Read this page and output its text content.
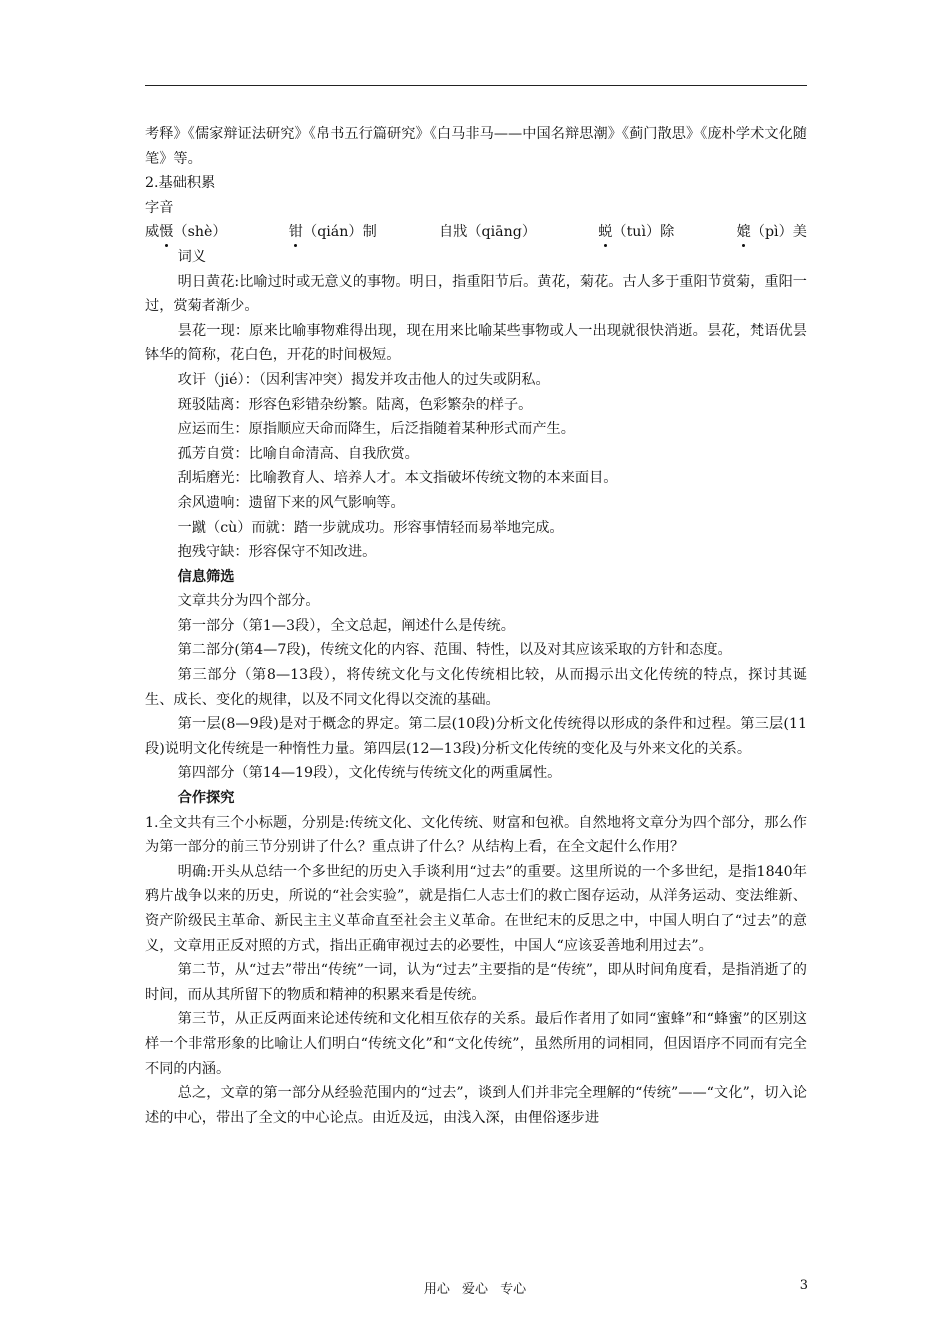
考释》《儒家辩证法研究》《帛书五行篇研究》《白马非马——中国名辩思潮》《蓟门散思》《庞朴学术文化随笔》等。

2.基础积累

字音

威慑（shè）	钳（qián）制	自戕（qiāng）	蜕（tuì）除	媲（pì）美

词义

明日黄花:比喻过时或无意义的事物。明日，指重阳节后。黄花，菊花。古人多于重阳节赏菊，重阳一过，赏菊者渐少。

昙花一现：原来比喻事物难得出现，现在用来比喻某些事物或人一出现就很快消逝。昙花，梵语优昙钵华的简称，花白色，开花的时间极短。

攻讦（jié）：（因利害冲突）揭发并攻击他人的过失或阴私。

斑驳陆离：形容色彩错杂纷繁。陆离，色彩繁杂的样子。

应运而生：原指顺应天命而降生，后泛指随着某种形式而产生。

孤芳自赏：比喻自命清高、自我欣赏。

刮垢磨光：比喻教育人、培养人才。本文指破坏传统文物的本来面目。

余风遗响：遗留下来的风气影响等。

一蹴（cù）而就：踏一步就成功。形容事情轻而易举地完成。

抱残守缺：形容保守不知改进。

信息筛选

文章共分为四个部分。

第一部分（第1—3段），全文总起，阐述什么是传统。

第二部分(第4—7段)，传统文化的内容、范围、特性，以及对其应该采取的方针和态度。

第三部分（第8—13段），将传统文化与文化传统相比较，从而揭示出文化传统的特点，探讨其诞生、成长、变化的规律，以及不同文化得以交流的基础。

第一层(8—9段)是对于概念的界定。第二层(10段)分析文化传统得以形成的条件和过程。第三层(11段)说明文化传统是一种惰性力量。第四层(12—13段)分析文化传统的变化及与外来文化的关系。

第四部分（第14—19段），文化传统与传统文化的两重属性。

合作探究

1.全文共有三个小标题，分别是:传统文化、文化传统、财富和包袱。自然地将文章分为四个部分，那么作为第一部分的前三节分别讲了什么？重点讲了什么？从结构上看，在全文起什么作用？

明确:开头从总结一个多世纪的历史入手谈利用“过去”的重要。这里所说的一个多世纪，是指1840年鸦片战争以来的历史，所说的“社会实验”，就是指仁人志士们的救亡图存运动，从洋务运动、变法维新、资产阶级民主革命、新民主主义革命直至社会主义革命。在世纪末的反思之中，中国人明白了“过去”的意义，文章用正反对照的方式，指出正确审视过去的必要性，中国人“应该妥善地利用过去”。

第二节，从“过去”带出“传统”一词，认为“过去”主要指的是“传统”，即从时间角度看，是指消逝了的时间，而从其所留下的物质和精神的积累来看是传统。

第三节，从正反两面来论述传统和文化相互依存的关系。最后作者用了如同“蜜蜂”和“蜂蜜”的区别这样一个非常形象的比喻让人们明白“传统文化”和“文化传统”，虽然所用的词相同，但因语序不同而有完全不同的内涵。

总之，文章的第一部分从经验范围内的“过去”，谈到人们并非完全理解的“传统”——“文化”，切入论述的中心，带出了全文的中心论点。由近及远，由浅入深，由俚俗逐步进

用心 爱心 专心	3
